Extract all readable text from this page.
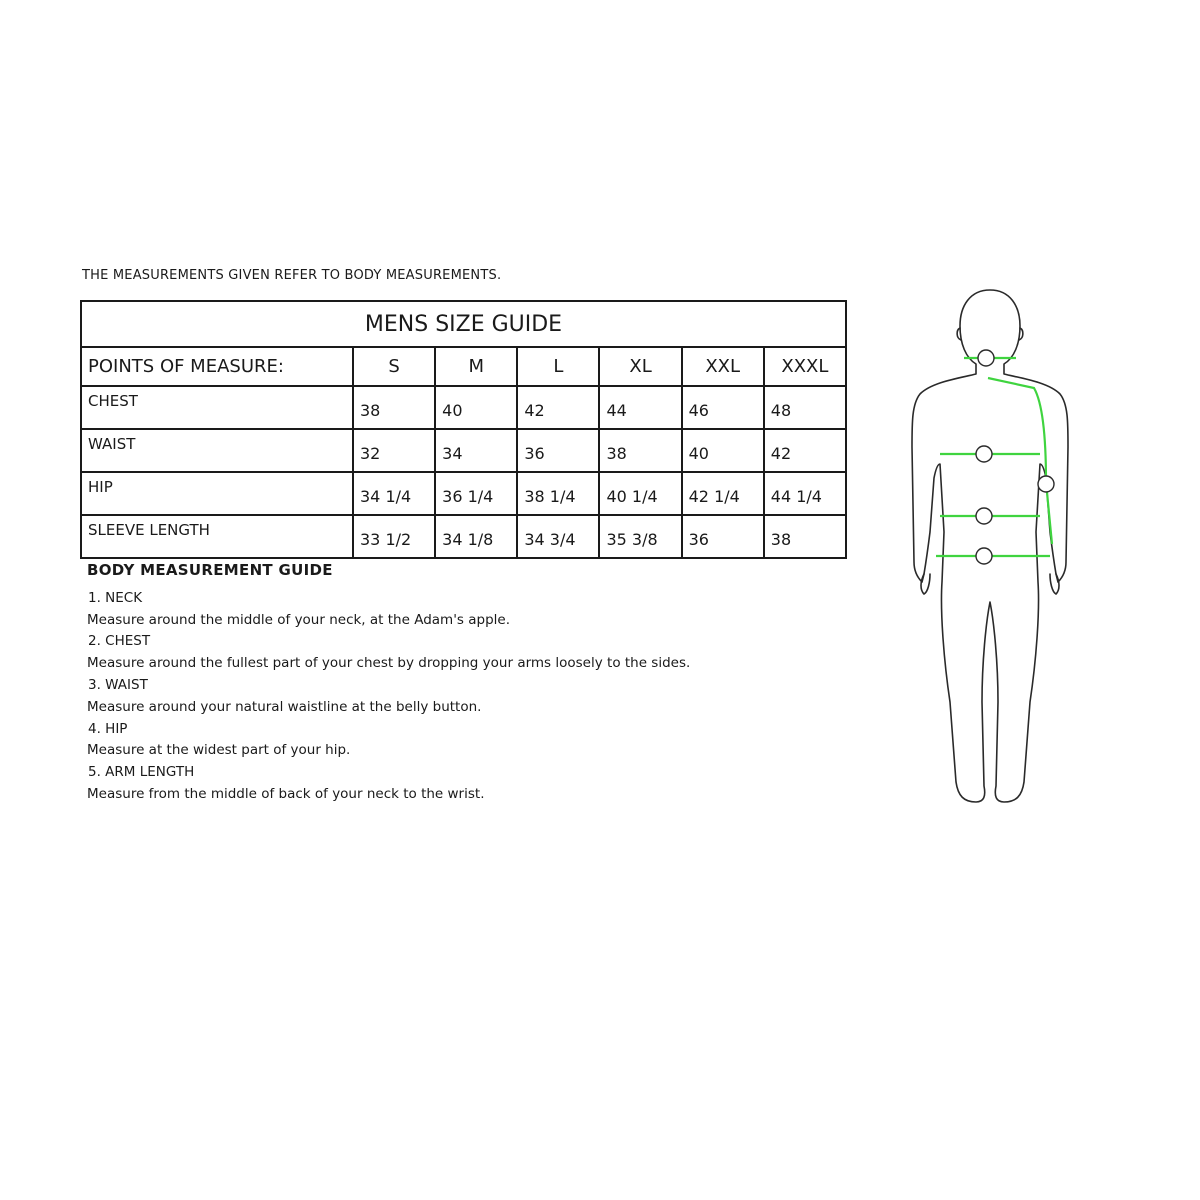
THE MEASUREMENTS GIVEN REFER TO BODY MEASUREMENTS.
MENS SIZE GUIDE						
POINTS OF MEASURE:	S	M	L	XL	XXL	XXXL
CHEST	38	40	42	44	46	48
WAIST	32	34	36	38	40	42
HIP	34 1/4	36 1/4	38 1/4	40 1/4	42 1/4	44 1/4
SLEEVE LENGTH	33 1/2	34 1/8	34 3/4	35 3/8	36	38
BODY MEASUREMENT GUIDE
1. NECK
Measure around the middle of your neck, at the Adam's apple.
2. CHEST
Measure around the fullest part of your chest by dropping your arms loosely to the sides.
3. WAIST
Measure around your natural waistline at the belly button.
4. HIP
Measure at the widest part of your hip.
5. ARM LENGTH
Measure from the middle of back of your neck to the wrist.
